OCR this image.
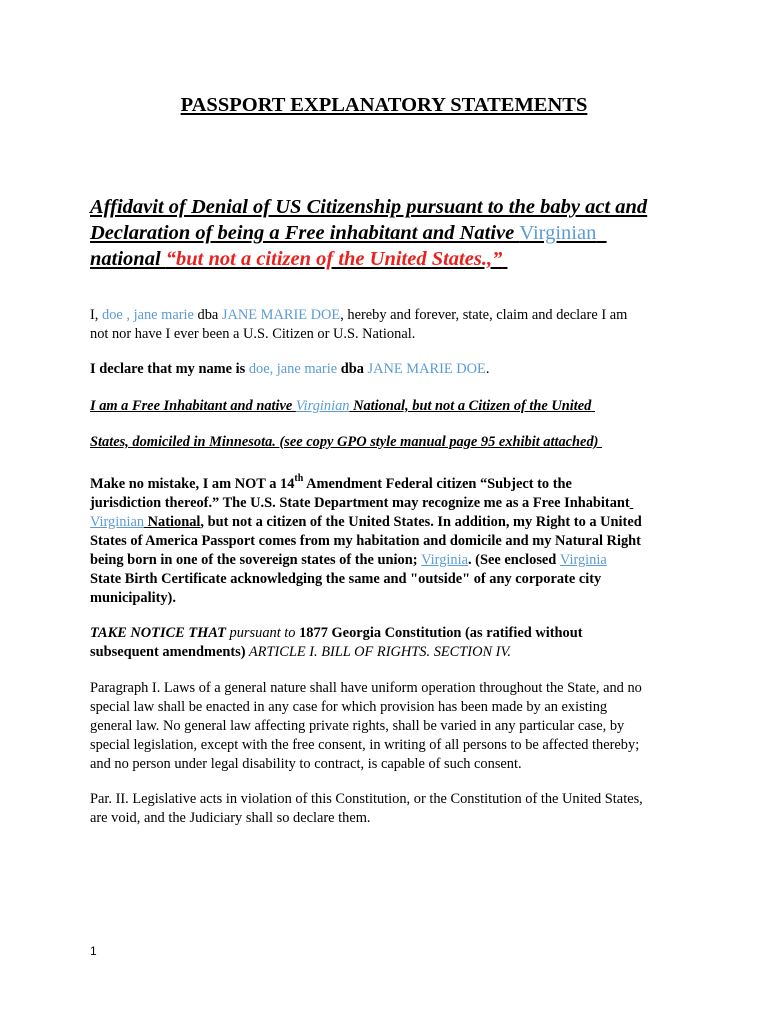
PASSPORT EXPLANATORY STATEMENTS
Affidavit of Denial of US Citizenship pursuant to the baby act and
Declaration of being a Free inhabitant and Native Virginian
national “but not a citizen of the United States.,”
I, doe , jane marie dba JANE MARIE DOE, hereby and forever, state, claim and declare I am
not nor have I ever been a U.S. Citizen or U.S. National.
I declare that my name is doe, jane marie dba JANE MARIE DOE.
I am a Free Inhabitant and native Virginian National, but not a Citizen of the United
States, domiciled in Minnesota. (see copy GPO style manual page 95 exhibit attached)
Make no mistake, I am NOT a 14th Amendment Federal citizen “Subject to the
jurisdiction thereof.” The U.S. State Department may recognize me as a Free Inhabitant
Virginian National, but not a citizen of the United States. In addition, my Right to a United
States of America Passport comes from my habitation and domicile and my Natural Right
being born in one of the sovereign states of the union; Virginia. (See enclosed Virginia
State Birth Certificate acknowledging the same and "outside" of any corporate city
municipality).
TAKE NOTICE THAT pursuant to 1877 Georgia Constitution (as ratified without
subsequent amendments) ARTICLE I. BILL OF RIGHTS. SECTION IV.
Paragraph I. Laws of a general nature shall have uniform operation throughout the State, and no
special law shall be enacted in any case for which provision has been made by an existing
general law. No general law affecting private rights, shall be varied in any particular case, by
special legislation, except with the free consent, in writing of all persons to be affected thereby;
and no person under legal disability to contract, is capable of such consent.
Par. II. Legislative acts in violation of this Constitution, or the Constitution of the United States,
are void, and the Judiciary shall so declare them.
1
